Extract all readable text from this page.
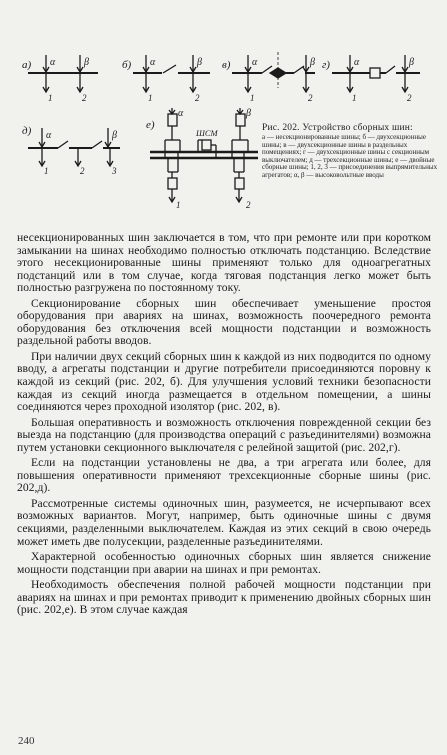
а) α	β
1	2
б) α	β
1	2
в) α	β
1	2
г) α	β
1	2
д) α	β
1	2	3
е)
α	β
ШСМ
1	2
Рис. 202. Устройство сборных шин:
а — несекционированные шины; б — двухсекционные шины; в — двухсекционные шины в раздельных помещениях; г — двухсекционные шины с секционным выключателем; д — трехсекционные шины; е — двойные сборные шины; 1, 2, 3 — присоединения выпрямительных агрегатов; α, β — высоковольтные вводы

несекционированных шин заключается в том, что при ремонте или при коротком замыкании на шинах необходимо полностью отключать подстанцию. Вследствие этого несекционированные шины применяют только для одноагрегатных подстанций или в том случае, когда тяговая подстанция легко может быть полностью разгружена по постоянному току.

Секционирование сборных шин обеспечивает уменьшение простоя оборудования при авариях на шинах, возможность поочередного ремонта оборудования без отключения всей мощности подстанции и возможность раздельной работы вводов.

При наличии двух секций сборных шин к каждой из них подводится по одному вводу, а агрегаты подстанции и другие потребители присоединяются поровну к каждой из секций (рис. 202, б). Для улучшения условий техники безопасности каждая из секций иногда размещается в отдельном помещении, а шины соединяются через проходной изолятор (рис. 202, в).

Большая оперативность и возможность отключения поврежденной секции без выезда на подстанцию (для производства операций с разъединителями) возможна путем установки секционного выключателя с релейной защитой (рис. 202,г).

Если на подстанции установлены не два, а три агрегата или более, для повышения оперативности применяют трехсекционные сборные шины (рис. 202,д).

Рассмотренные системы одиночных шин, разумеется, не исчерпывают всех возможных вариантов. Могут, например, быть одиночные шины с двумя секциями, разделенными выключателем. Каждая из этих секций в свою очередь может иметь две полусекции, разделенные разъединителями.

Характерной особенностью одиночных сборных шин является снижение мощности подстанции при аварии на шинах и при ремонтах.

Необходимость обеспечения полной рабочей мощности подстанции при авариях на шинах и при ремонтах приводит к применению двойных сборных шин (рис. 202,е). В этом случае каждая

240
